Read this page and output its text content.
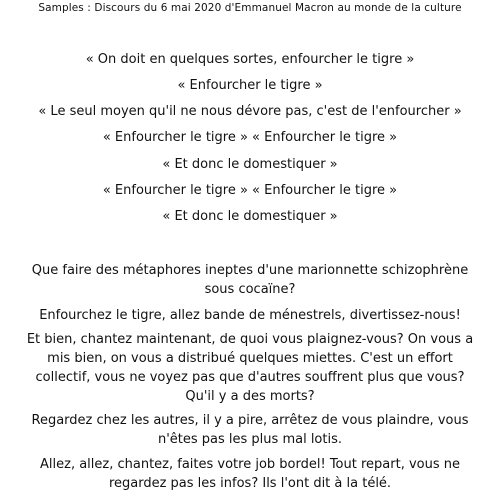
Samples : Discours du 6 mai 2020 d'Emmanuel Macron au monde de la culture
« On doit en quelques sortes, enfourcher le tigre »
« Enfourcher le tigre »
« Le seul moyen qu'il ne nous dévore pas, c'est de l'enfourcher »
« Enfourcher le tigre » « Enfourcher le tigre »
« Et donc le domestiquer »
« Enfourcher le tigre » « Enfourcher le tigre »
« Et donc le domestiquer »

Que faire des métaphores ineptes d'une marionnette schizophrène sous cocaïne?

Enfourchez le tigre, allez bande de ménestrels, divertissez-nous!

Et bien, chantez maintenant, de quoi vous plaignez-vous? On vous a mis bien, on vous a distribué quelques miettes. C'est un effort collectif, vous ne voyez pas que d'autres souffrent plus que vous? Qu'il y a des morts?

Regardez chez les autres, il y a pire, arrêtez de vous plaindre, vous n'êtes pas les plus mal lotis.

Allez, allez, chantez, faites votre job bordel! Tout repart, vous ne regardez pas les infos? Ils l'ont dit à la télé.
